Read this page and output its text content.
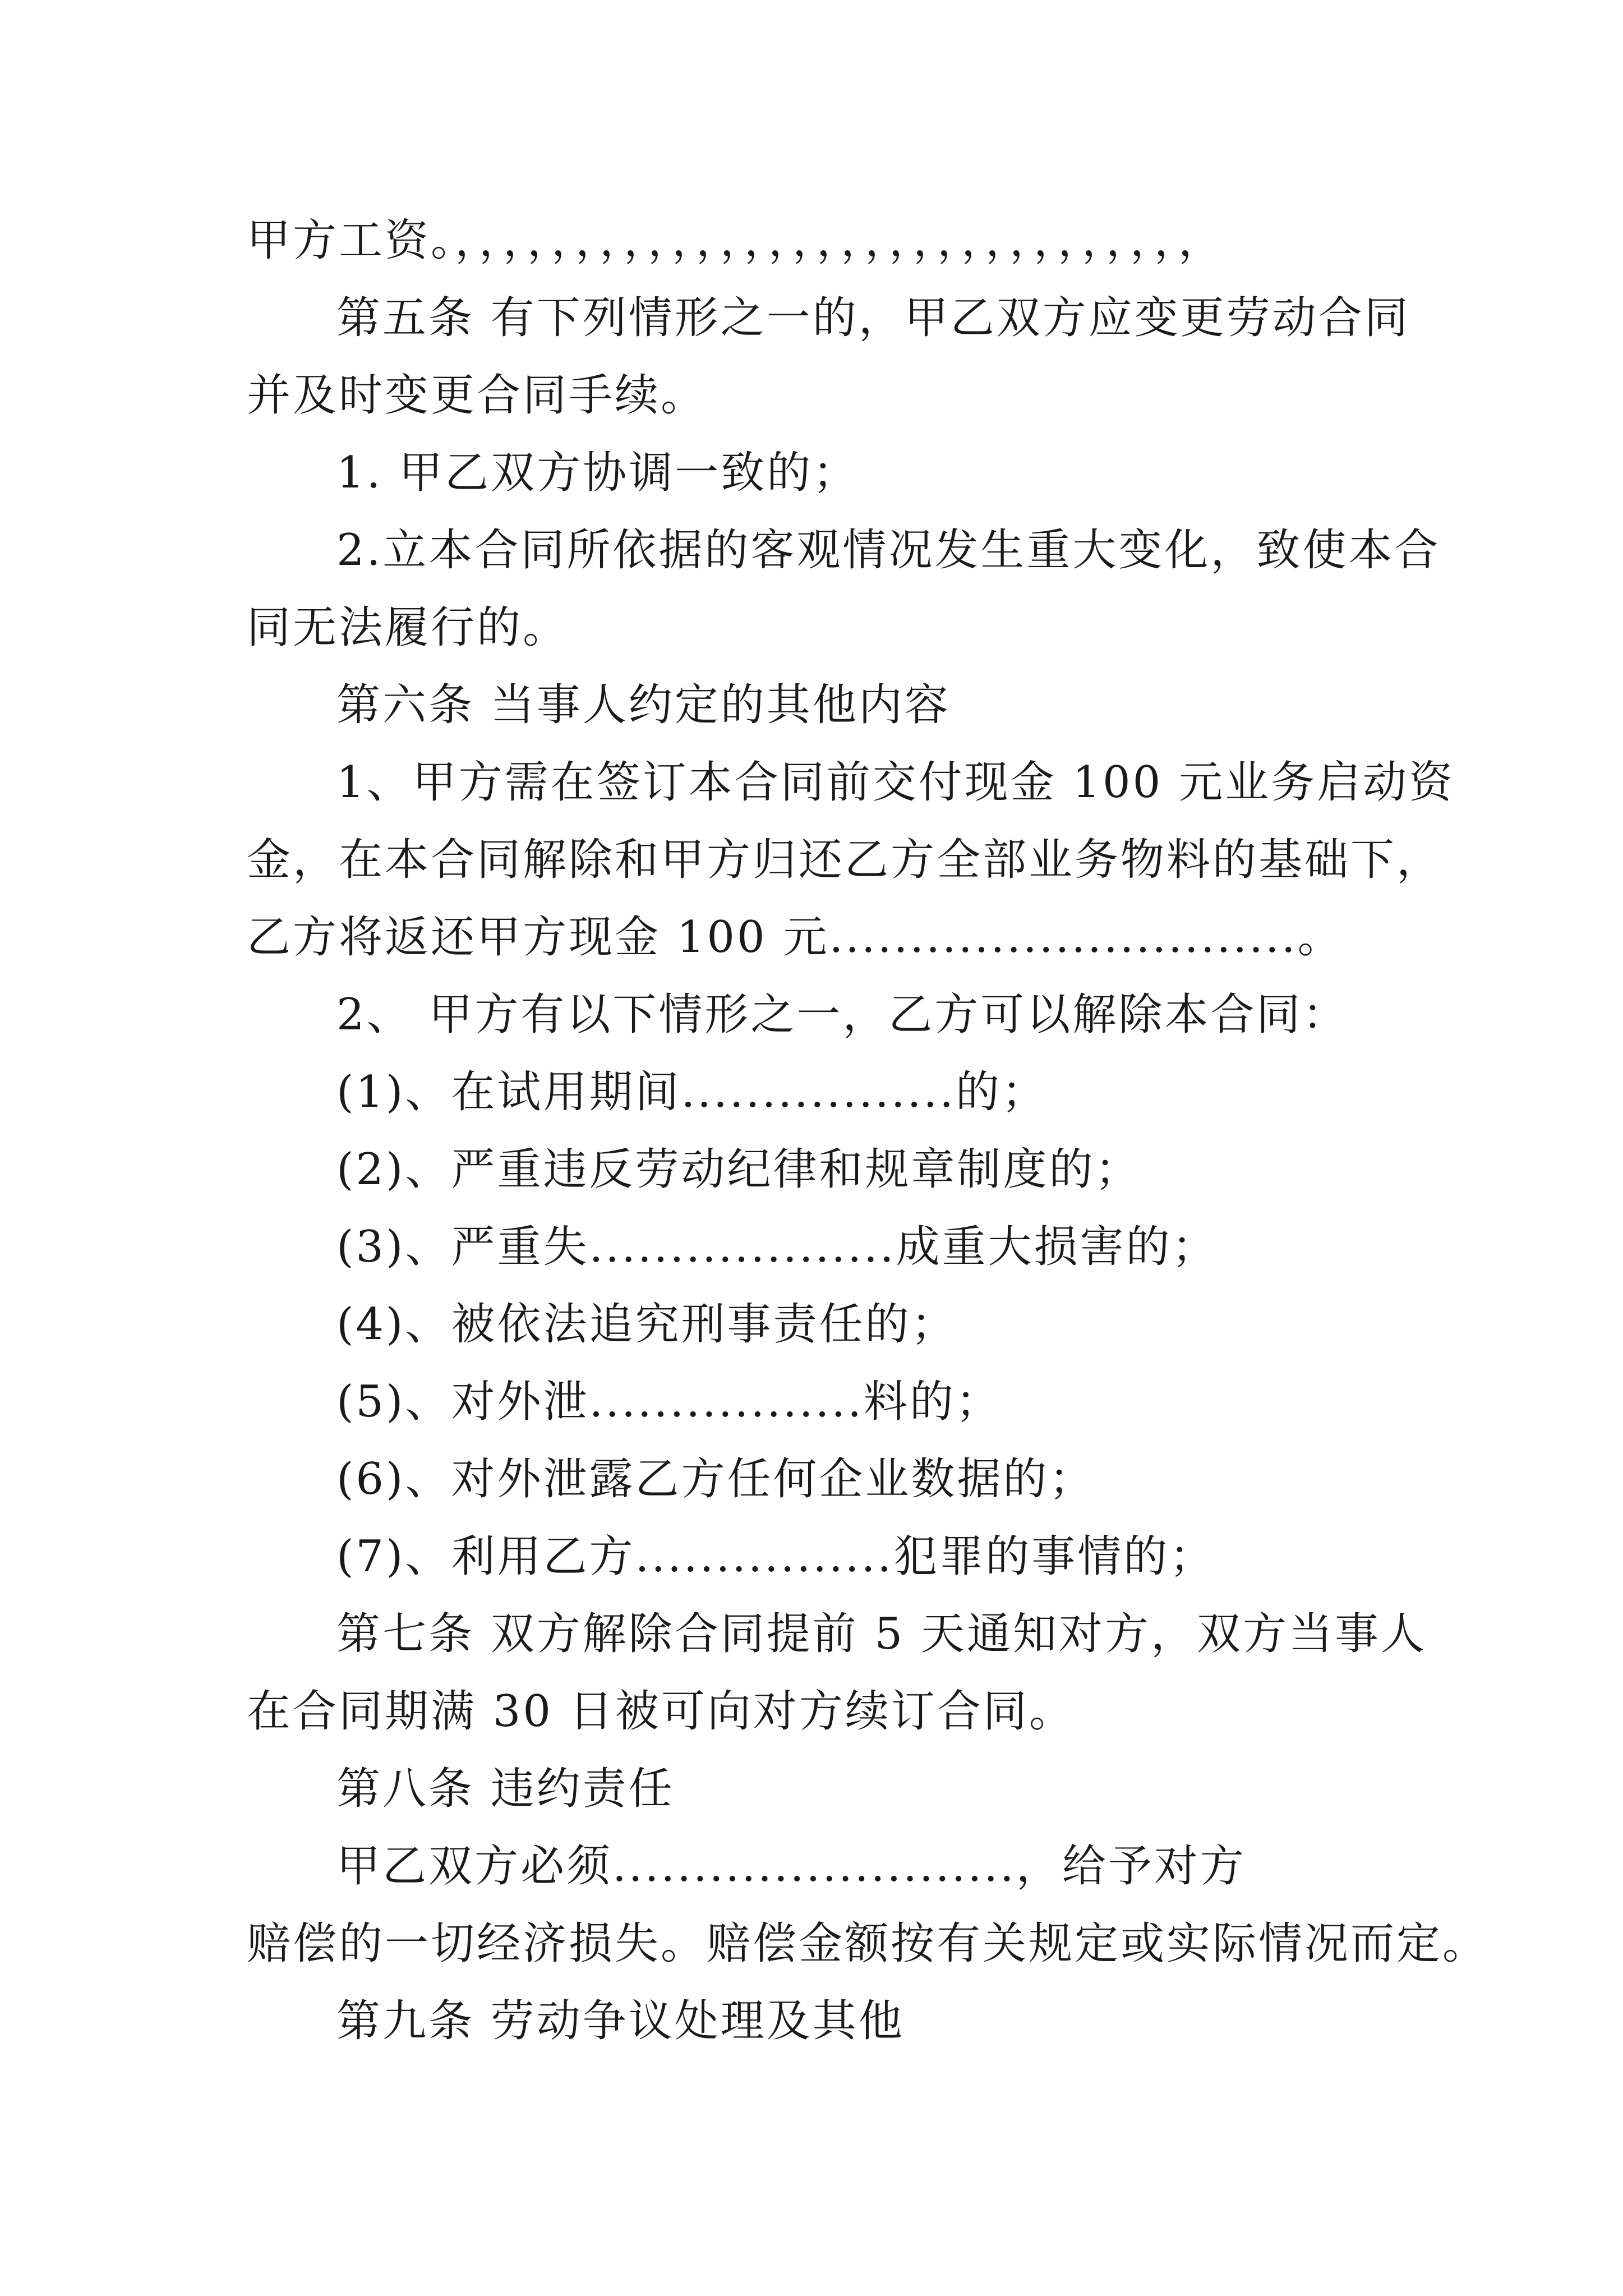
甲方工资。，，，，，，，，，，，，，，，，，，，，，，，，，，，，，，，
第五条 有下列情形之一的，甲乙双方应变更劳动合同
并及时变更合同手续。
1. 甲乙双方协调一致的；
2.立本合同所依据的客观情况发生重大变化，致使本合
同无法履行的。
第六条 当事人约定的其他内容
1、甲方需在签订本合同前交付现金 100 元业务启动资
金，在本合同解除和甲方归还乙方全部业务物料的基础下，
乙方将返还甲方现金 100 元.............................。
2、 甲方有以下情形之一，乙方可以解除本合同：
(1)、在试用期间.................的；
(2)、严重违反劳动纪律和规章制度的；
(3)、严重失...................成重大损害的；
(4)、被依法追究刑事责任的；
(5)、对外泄.................料的；
(6)、对外泄露乙方任何企业数据的；
(7)、利用乙方................犯罪的事情的；
第七条 双方解除合同提前 5 天通知对方，双方当事人
在合同期满 30 日被可向对方续订合同。
第八条 违约责任
甲乙双方必须.........................，给予对方
赔偿的一切经济损失。赔偿金额按有关规定或实际情况而定。
第九条 劳动争议处理及其他
